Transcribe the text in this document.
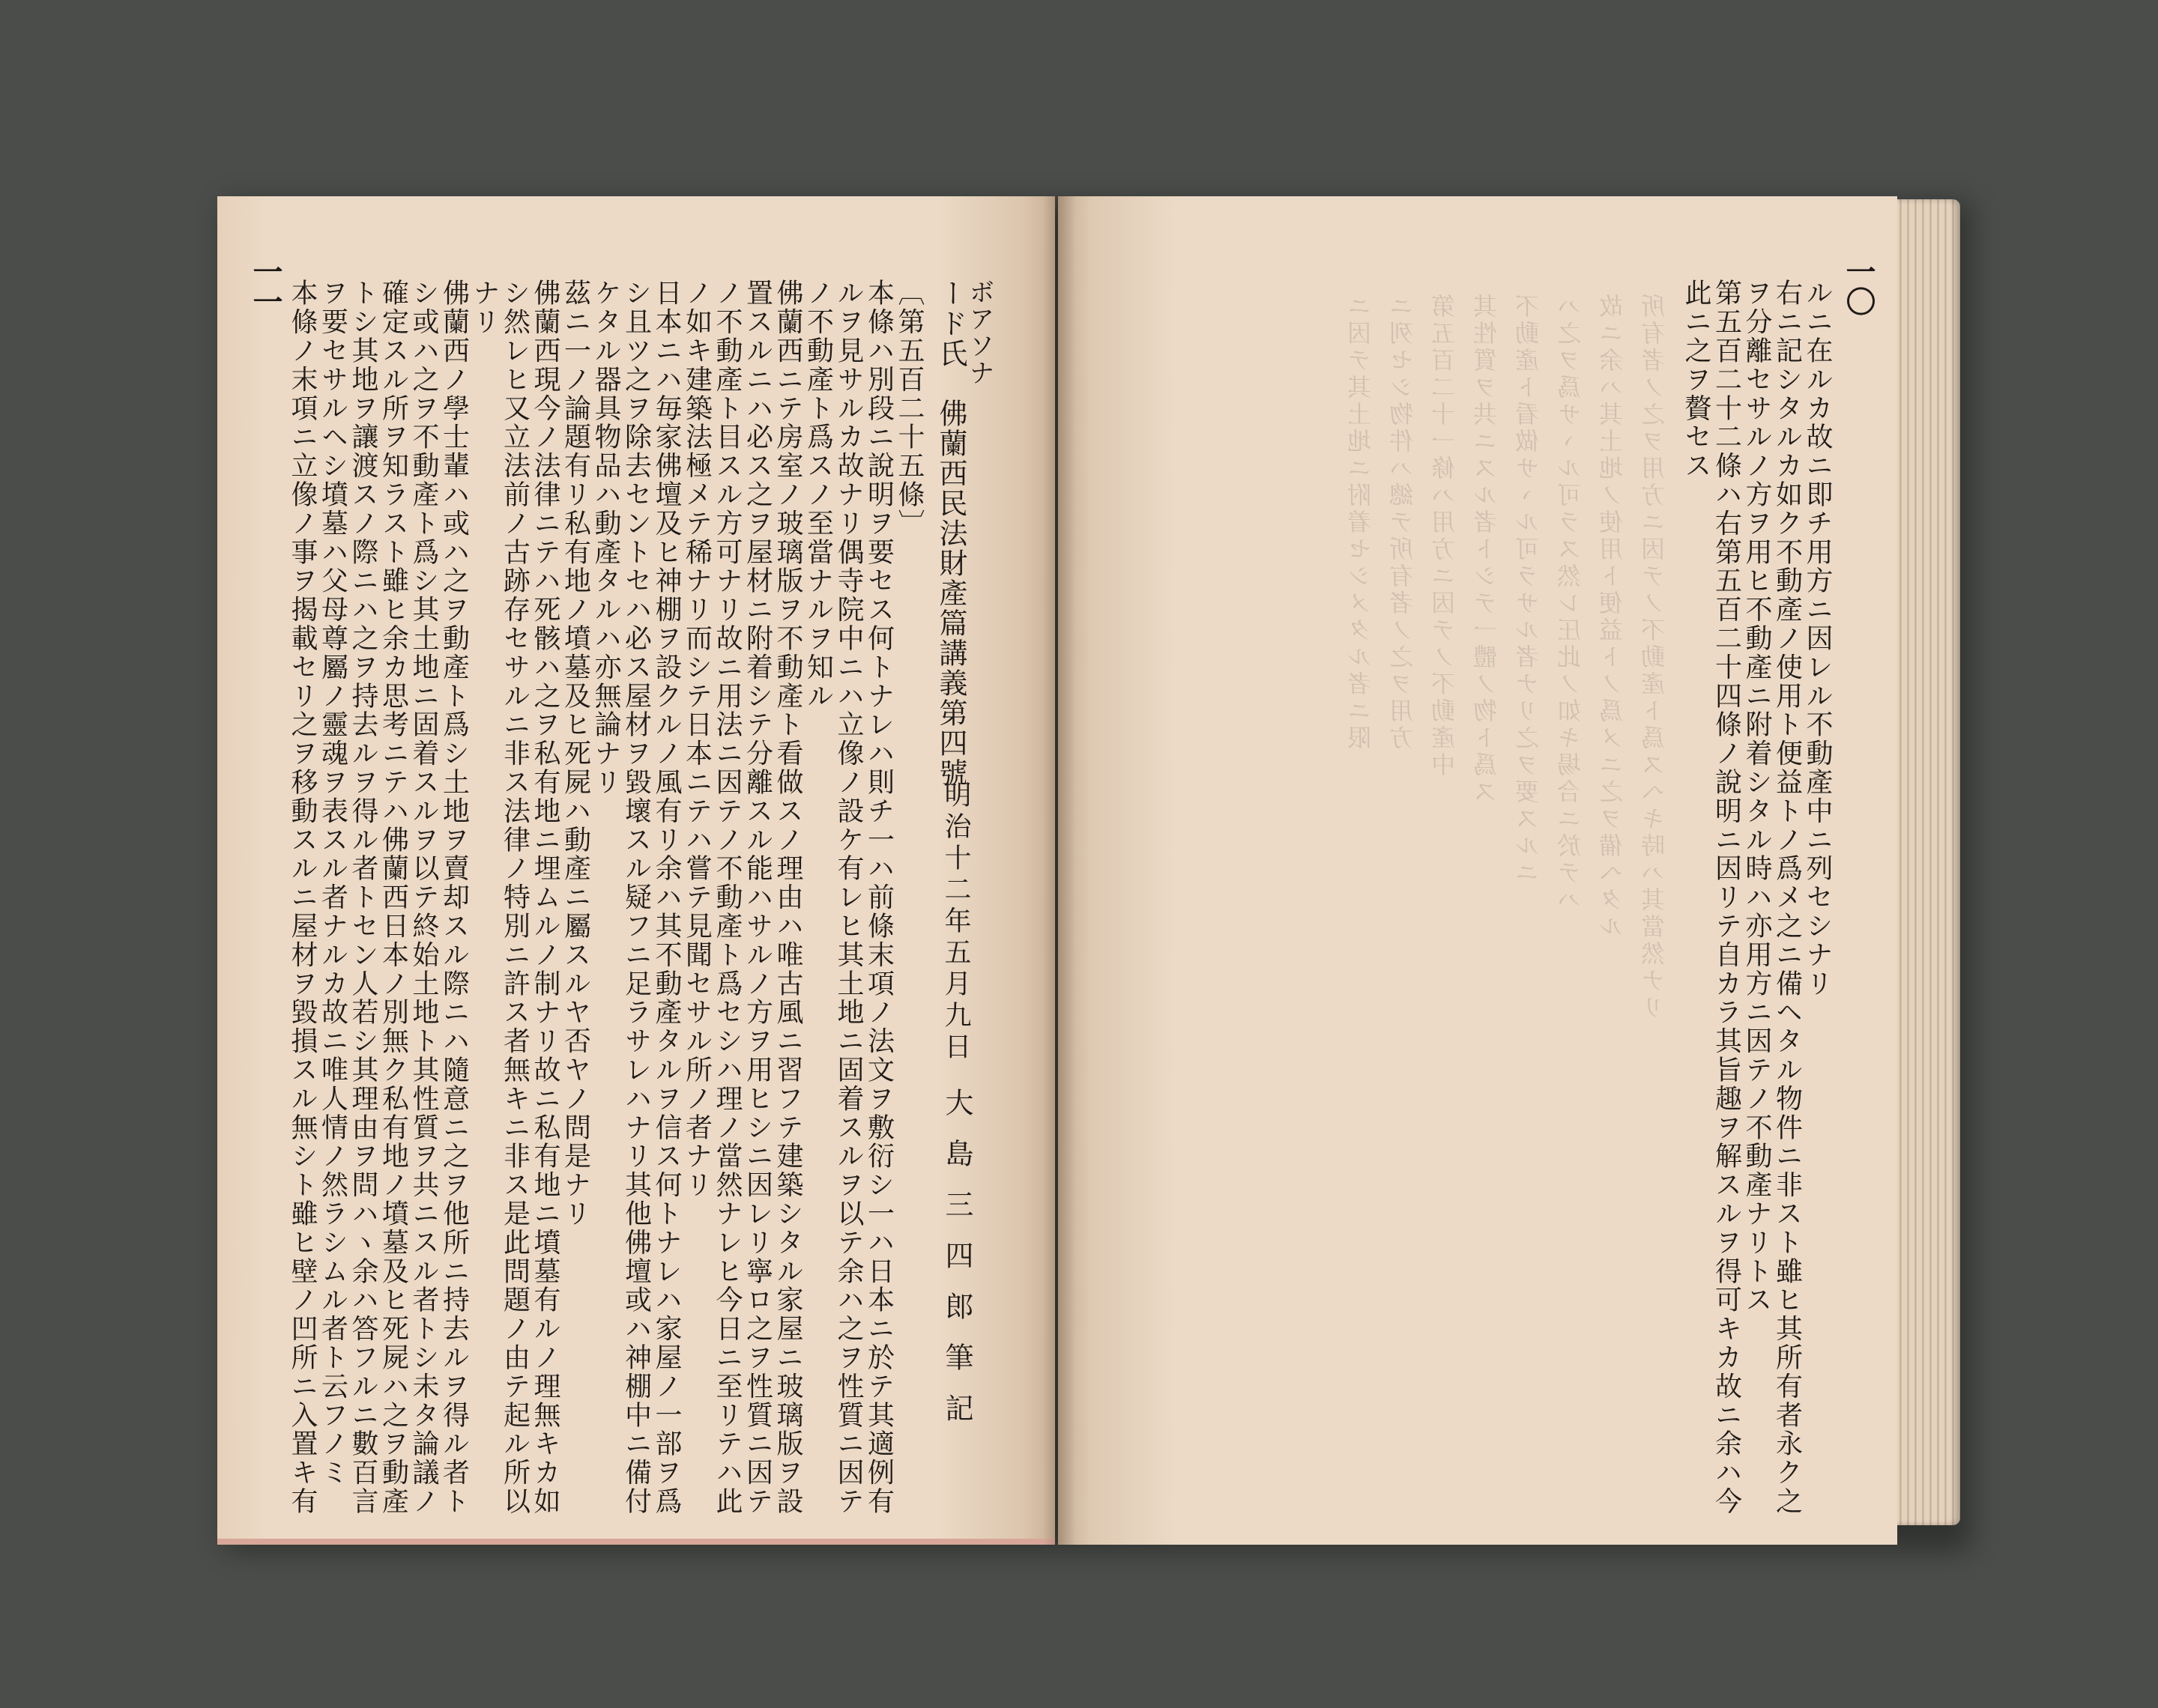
一一	〔第五百二十五條〕
本條ハ別段ニ說明ヲ要セス何トナレハ則チ一ハ前條末項ノ法文ヲ敷衍シ一ハ日本ニ於テ其適例有
ルヲ見サルカ故ナリ偶寺院中ニハ立像ノ設ケ有レヒ其土地ニ固着スルヲ以テ余ハ之ヲ性質ニ因テ
ノ不動產ト爲スノ至當ナルヲ知ル
佛蘭西ニテ房室ノ玻璃版ヲ不動產ト看做スノ理由ハ唯古風ニ習フテ建築シタル家屋ニ玻璃版ヲ設
置スルニハ必ス之ヲ屋材ニ附着シテ分離スル能ハサルノ方ヲ用ヒシニ因レリ寧ロ之ヲ性質ニ因テ
ノ不動產ト目スル方可ナリ故ニ用法ニ因テノ不動產ト爲セシハ理ノ當然ナレヒ今日ニ至リテハ此
ノ如キ建築法極メテ稀ナリ而シテ日本ニテハ嘗テ見聞セサル所ノ者ナリ
日本ニハ毎家佛壇及ヒ神棚ヲ設クルノ風有リ余ハ其不動產タルヲ信ス何トナレハ家屋ノ一部ヲ爲
シ且ツ之ヲ除去セントセハ必ス屋材ヲ毀壞スル疑フニ足ラサレハナリ其他佛壇或ハ神棚中ニ備付
ケタル器具物品ハ動產タルハ亦無論ナリ
茲ニ一ノ論題有リ私有地ノ墳墓及ヒ死屍ハ動產ニ屬スルヤ否ヤノ問是ナリ
佛蘭西現今ノ法律ニテハ死骸ハ之ヲ私有地ニ埋ムルノ制ナリ故ニ私有地ニ墳墓有ルノ理無キカ如
シ然レヒ又立法前ノ古跡存セサルニ非ス法律ノ特別ニ許ス者無キニ非ス是此問題ノ由テ起ル所以
ナリ
佛蘭西ノ學士輩ハ或ハ之ヲ動產ト爲シ土地ヲ賣却スル際ニハ隨意ニ之ヲ他所ニ持去ルヲ得ル者ト
シ或ハ之ヲ不動產ト爲シ其土地ニ固着スルヲ以テ終始土地ト其性質ヲ共ニスル者トシ未タ論議ノ
確定スル所ヲ知ラスト雖ヒ余カ思考ニテハ佛蘭西日本ノ別無ク私有地ノ墳墓及ヒ死屍ハ之ヲ動產
トシ其地ヲ讓渡スノ際ニハ之ヲ持去ルヲ得ル者トセン人若シ其理由ヲ問ハヽ余ハ答フルニ數百言
ヲ要セサルヘシ墳墓ハ父母尊屬ノ靈魂ヲ表スル者ナルカ故ニ唯人情ノ然ラシムル者ト云フノミ
本條ノ末項ニ立像ノ事ヲ揭載セリ之ヲ移動スルニ屋材ヲ毀損スル無シト雖ヒ壁ノ凹所ニ入置キ有	ボアソナ
ード氏　佛蘭西民法財產篇講義第四號
明治十二年五月九日
大島三四郎筆記
所有者ノ之ヲ用方ニ因テノ不動產ト爲スヘキ時ハ其當然ナリ
故ニ余ハ其土地ノ使用ト便益トノ爲メニ之ヲ備ヘタル
ハ之ヲ爲サヽル可ラス然レ圧此ノ如キ場合ニ於テハ
不動產ト看做サヽル可ラサル者ナリ之ヲ要スルニ
其性質ヲ共ニスル者トシテ一體ノ物ト爲ス
第五百二十一條ハ用方ニ因テノ不動產中
ニ列セシ物件ハ總テ所有者ノ之ヲ用方
ニ因テ其土地ニ附着セシメタル者ニ限
一〇
ルニ在ルカ故ニ即チ用方ニ因レル不動產中ニ列セシナリ
右ニ記シタルカ如ク不動產ノ使用ト便益トノ爲メ之ニ備ヘタル物件ニ非スト雖ヒ其所有者永ク之
ヲ分離セサルノ方ヲ用ヒ不動產ニ附着シタル時ハ亦用方ニ因テノ不動產ナリトス
第五百二十二條ハ右第五百二十四條ノ說明ニ因リテ自カラ其旨趣ヲ解スルヲ得可キカ故ニ余ハ今
此ニ之ヲ贅セス
